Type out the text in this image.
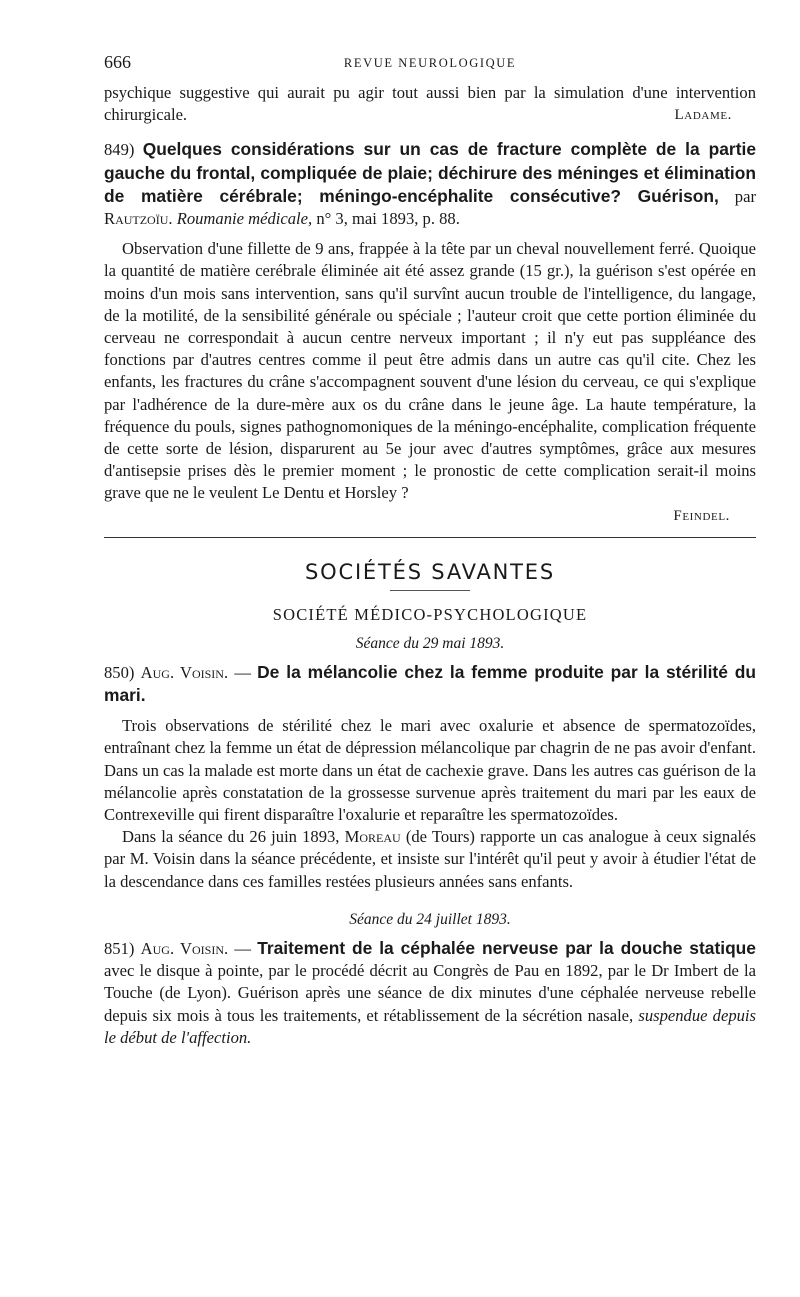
666	REVUE NEUROLOGIQUE

psychique suggestive qui aurait pu agir tout aussi bien par la simulation d'une intervention chirurgicale.	Ladame.

849) Quelques considérations sur un cas de fracture complète de la partie gauche du frontal, compliquée de plaie; déchirure des méninges et élimination de matière cérébrale; méningo-encéphalite consécutive? Guérison, par Rautzoïu. Roumanie médicale, n° 3, mai 1893, p. 88.

Observation d'une fillette de 9 ans, frappée à la tête par un cheval nouvellement ferré. Quoique la quantité de matière cerébrale éliminée ait été assez grande (15 gr.), la guérison s'est opérée en moins d'un mois sans intervention, sans qu'il survînt aucun trouble de l'intelligence, du langage, de la motilité, de la sensibilité générale ou spéciale ; l'auteur croit que cette portion éliminée du cerveau ne correspondait à aucun centre nerveux important ; il n'y eut pas suppléance des fonctions par d'autres centres comme il peut être admis dans un autre cas qu'il cite. Chez les enfants, les fractures du crâne s'accompagnent souvent d'une lésion du cerveau, ce qui s'explique par l'adhérence de la dure-mère aux os du crâne dans le jeune âge. La haute température, la fréquence du pouls, signes pathognomoniques de la méningo-encéphalite, complication fréquente de cette sorte de lésion, disparurent au 5e jour avec d'autres symptômes, grâce aux mesures d'antisepsie prises dès le premier moment ; le pronostic de cette complication serait-il moins grave que ne le veulent Le Dentu et Horsley ?

Feindel.

SOCIÉTÉS SAVANTES
SOCIÉTÉ MÉDICO-PSYCHOLOGIQUE
Séance du 29 mai 1893.

850) Aug. Voisin. — De la mélancolie chez la femme produite par la stérilité du mari.

Trois observations de stérilité chez le mari avec oxalurie et absence de spermatozoïdes, entraînant chez la femme un état de dépression mélancolique par chagrin de ne pas avoir d'enfant. Dans un cas la malade est morte dans un état de cachexie grave. Dans les autres cas guérison de la mélancolie après constatation de la grossesse survenue après traitement du mari par les eaux de Contrexeville qui firent disparaître l'oxalurie et reparaître les spermatozoïdes.

Dans la séance du 26 juin 1893, Moreau (de Tours) rapporte un cas analogue à ceux signalés par M. Voisin dans la séance précédente, et insiste sur l'intérêt qu'il peut y avoir à étudier l'état de la descendance dans ces familles restées plusieurs années sans enfants.

Séance du 24 juillet 1893.

851) Aug. Voisin. — Traitement de la céphalée nerveuse par la douche statique avec le disque à pointe, par le procédé décrit au Congrès de Pau en 1892, par le Dr Imbert de la Touche (de Lyon). Guérison après une séance de dix minutes d'une céphalée nerveuse rebelle depuis six mois à tous les traitements, et rétablissement de la sécrétion nasale, suspendue depuis le début de l'affection.
